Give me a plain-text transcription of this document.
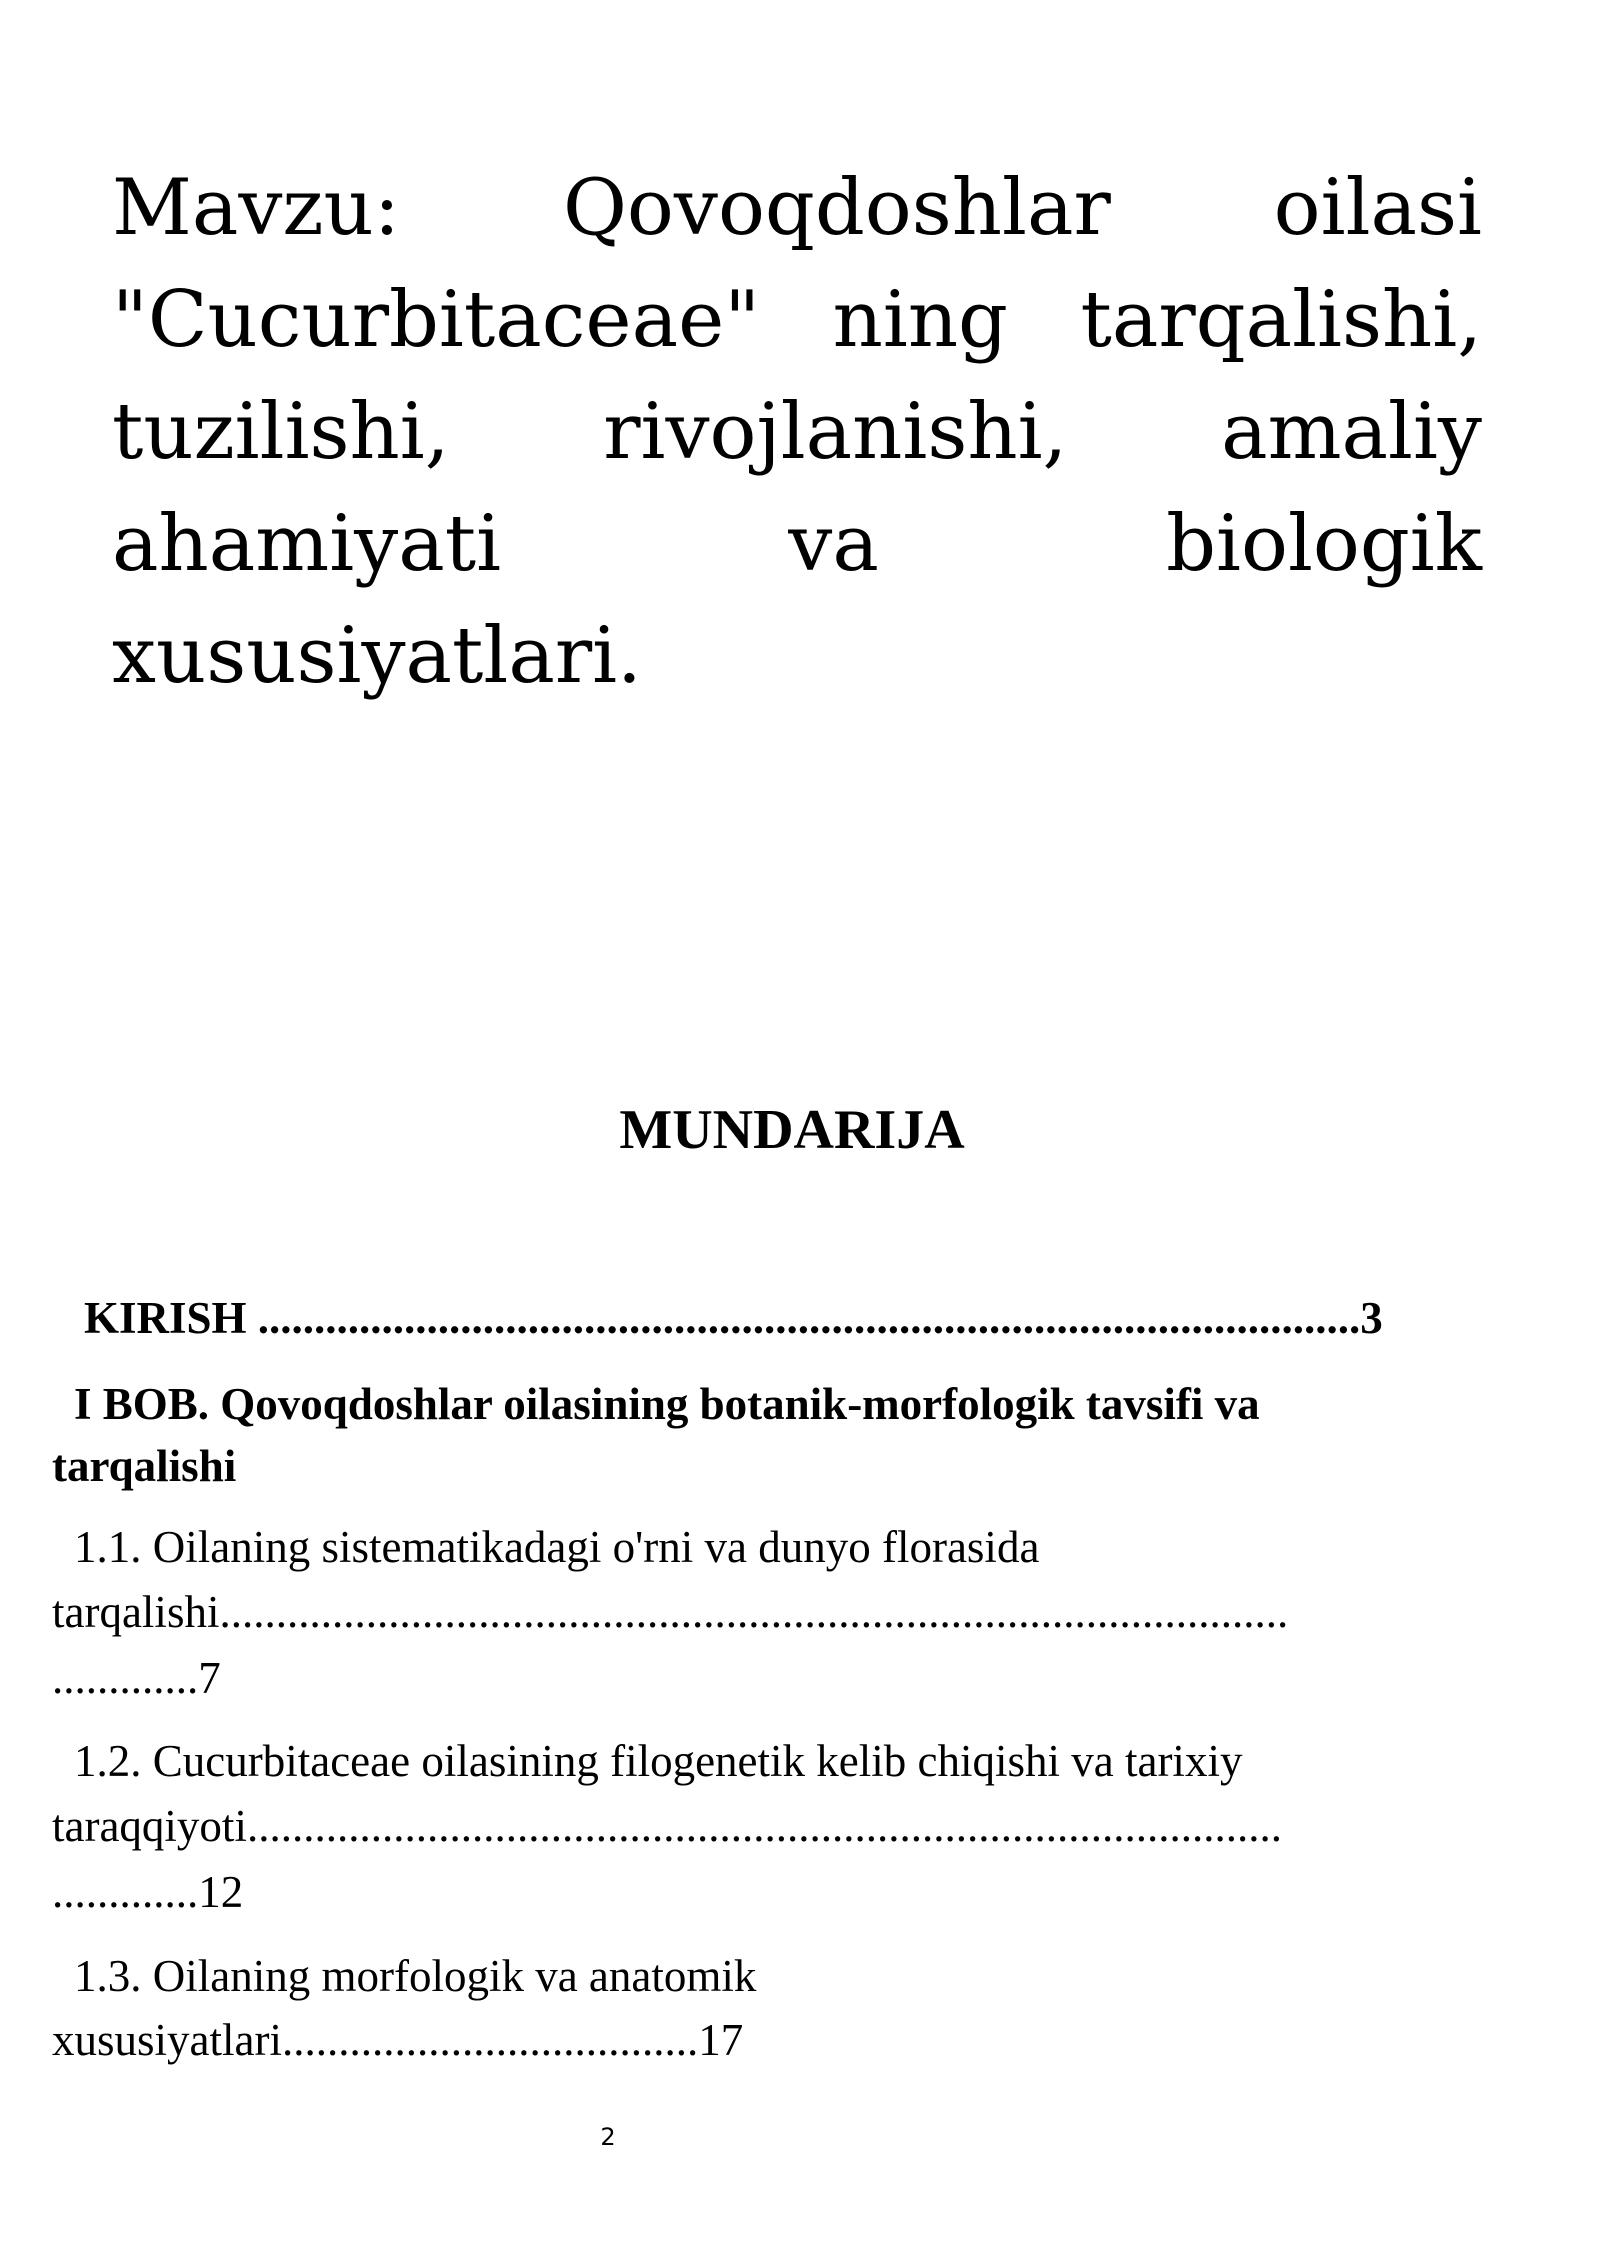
Mavzu: Qovoqdoshlar oilasi "Cucurbitaceae" ning tarqalishi, tuzilishi, rivojlanishi, amaliy ahamiyati va biologik xususiyatlari.

MUNDARIJA
KIRISH ..................................................................................................3
I BOB. Qovoqdoshlar oilasining botanik-morfologik tavsifi va
tarqalishi
1.1. Oilaning sistematikadagi o'rni va dunyo florasida
tarqalishi...............................................................................................
.............7
1.2. Cucurbitaceae oilasining filogenetik kelib chiqishi va tarixiy
taraqqiyoti............................................................................................
.............12
1.3. Oilaning morfologik va anatomik
xususiyatlari.....................................17
2
